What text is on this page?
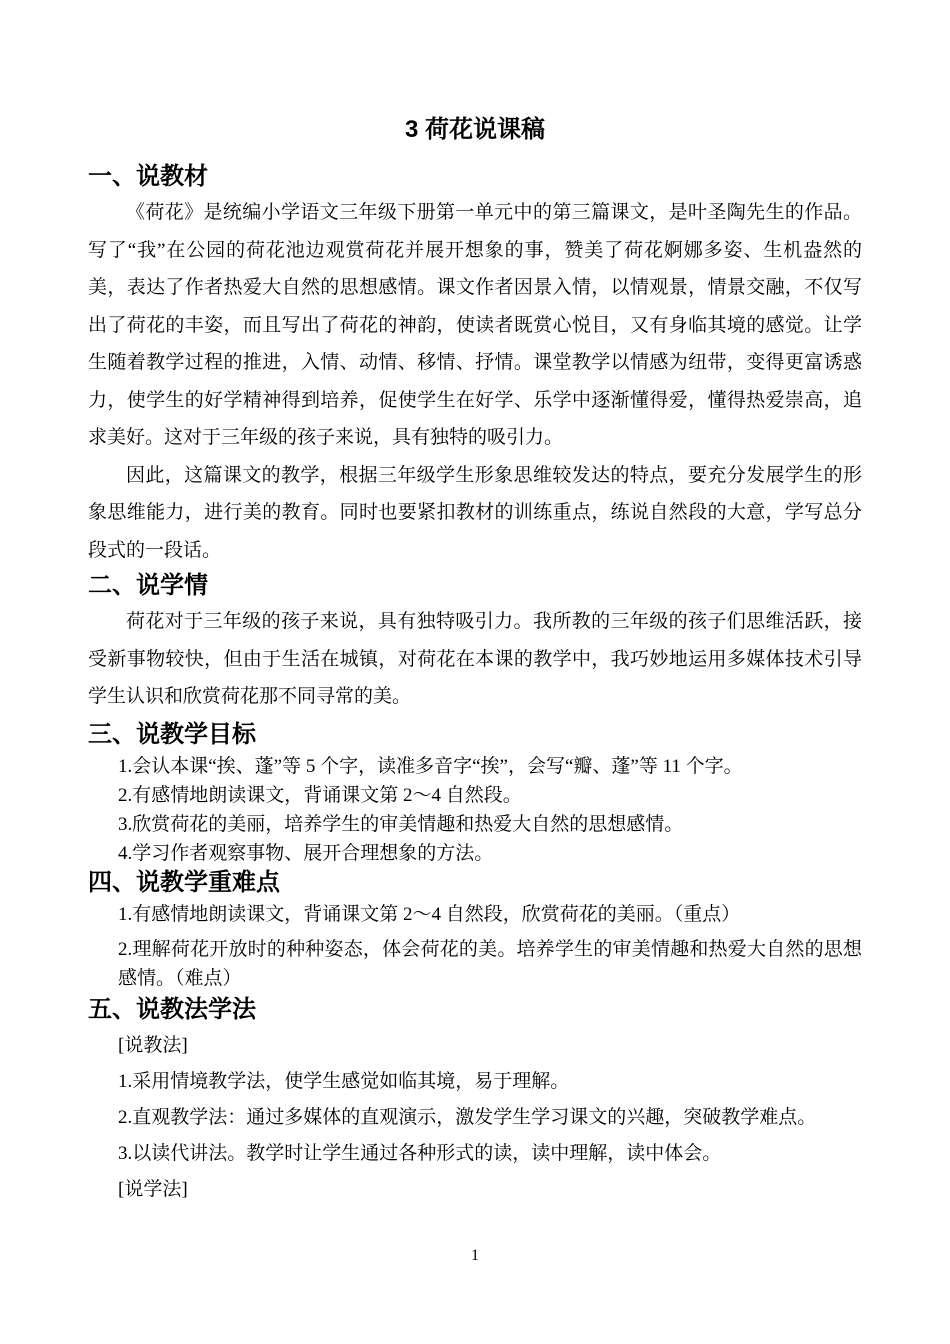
3 荷花说课稿
一、说教材

《荷花》是统编小学语文三年级下册第一单元中的第三篇课文，是叶圣陶先生的作品。写了“我”在公园的荷花池边观赏荷花并展开想象的事，赞美了荷花婀娜多姿、生机盎然的美，表达了作者热爱大自然的思想感情。课文作者因景入情，以情观景，情景交融，不仅写出了荷花的丰姿，而且写出了荷花的神韵，使读者既赏心悦目，又有身临其境的感觉。让学生随着教学过程的推进，入情、动情、移情、抒情。课堂教学以情感为纽带，变得更富诱惑力，使学生的好学精神得到培养，促使学生在好学、乐学中逐渐懂得爱，懂得热爱崇高，追求美好。这对于三年级的孩子来说，具有独特的吸引力。

因此，这篇课文的教学，根据三年级学生形象思维较发达的特点，要充分发展学生的形象思维能力，进行美的教育。同时也要紧扣教材的训练重点，练说自然段的大意，学写总分段式的一段话。

二、说学情

荷花对于三年级的孩子来说，具有独特吸引力。我所教的三年级的孩子们思维活跃，接受新事物较快，但由于生活在城镇，对荷花在本课的教学中，我巧妙地运用多媒体技术引导学生认识和欣赏荷花那不同寻常的美。

三、说教学目标

1.会认本课“挨、蓬”等 5 个字，读准多音字“挨”，会写“瓣、蓬”等 11 个字。

2.有感情地朗读课文，背诵课文第 2～4 自然段。

3.欣赏荷花的美丽，培养学生的审美情趣和热爱大自然的思想感情。

4.学习作者观察事物、展开合理想象的方法。

四、说教学重难点

1.有感情地朗读课文，背诵课文第 2～4 自然段，欣赏荷花的美丽。（重点）

2.理解荷花开放时的种种姿态，体会荷花的美。培养学生的审美情趣和热爱大自然的思想感情。（难点）

五、说教法学法

[说教法]

1.采用情境教学法，使学生感觉如临其境，易于理解。

2.直观教学法：通过多媒体的直观演示，激发学生学习课文的兴趣，突破教学难点。

3.以读代讲法。教学时让学生通过各种形式的读，读中理解，读中体会。

[说学法]

1
